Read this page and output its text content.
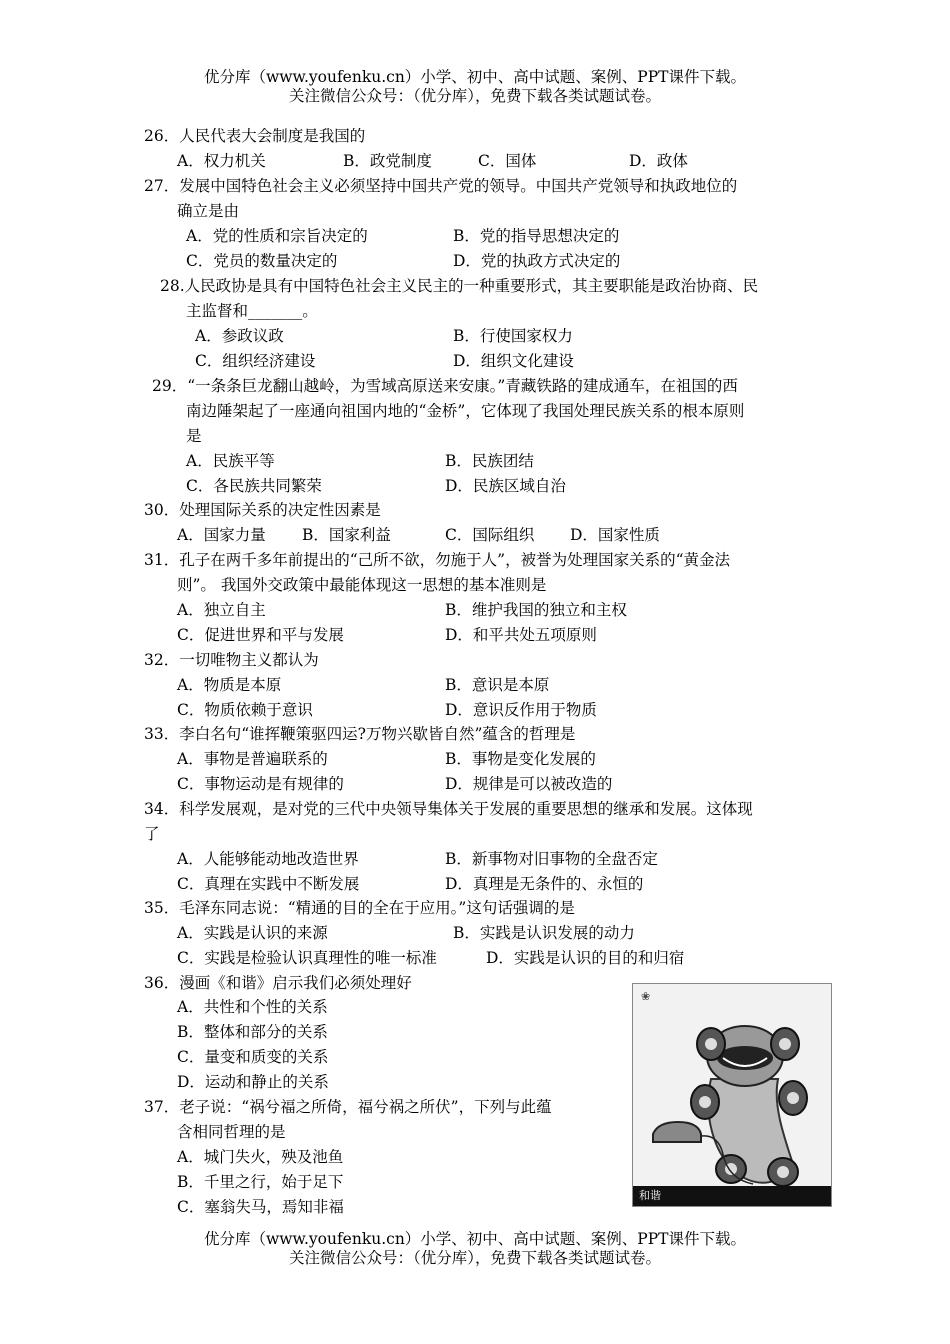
优分库（www.youfenku.cn）小学、初中、高中试题、案例、PPT课件下载。
关注微信公众号：（优分库），免费下载各类试题试卷。
26．人民代表大会制度是我国的
A．权力机关	B．政党制度	C．国体	D．政体
27．发展中国特色社会主义必须坚持中国共产党的领导。中国共产党领导和执政地位的
确立是由
A．党的性质和宗旨决定的	B．党的指导思想决定的
C．党员的数量决定的	D．党的执政方式决定的
28.人民政协是具有中国特色社会主义民主的一种重要形式，其主要职能是政治协商、民
主监督和_______。
A．参政议政	B．行使国家权力
C．组织经济建设	D．组织文化建设
29．“一条条巨龙翻山越岭，为雪域高原送来安康。”青藏铁路的建成通车，在祖国的西
南边陲架起了一座通向祖国内地的“金桥”，它体现了我国处理民族关系的根本原则
是
A．民族平等	B．民族团结
C．各民族共同繁荣	D．民族区域自治
30．处理国际关系的决定性因素是
A．国家力量 B．国家利益	C．国际组织 D．国家性质
31．孔子在两千多年前提出的“己所不欲，勿施于人”，被誉为处理国家关系的“黄金法
则”。 我国外交政策中最能体现这一思想的基本准则是
A．独立自主	B．维护我国的独立和主权
C．促进世界和平与发展	D．和平共处五项原则
32．一切唯物主义都认为
A．物质是本原	B．意识是本原
C．物质依赖于意识	D．意识反作用于物质
33．李白名句“谁挥鞭策驱四运?万物兴歇皆自然”蕴含的哲理是
A．事物是普遍联系的	B．事物是变化发展的
C．事物运动是有规律的	D．规律是可以被改造的
34．科学发展观，是对党的三代中央领导集体关于发展的重要思想的继承和发展。这体现
了
A．人能够能动地改造世界	B．新事物对旧事物的全盘否定
C．真理在实践中不断发展	D．真理是无条件的、永恒的
35．毛泽东同志说：“精通的目的全在于应用。”这句话强调的是
A．实践是认识的来源	B．实践是认识发展的动力
C．实践是检验认识真理性的唯一标准	D．实践是认识的目的和归宿
36．漫画《和谐》启示我们必须处理好
A．共性和个性的关系
B．整体和部分的关系
C．量变和质变的关系
D．运动和静止的关系
37．老子说：“祸兮福之所倚，福兮祸之所伏”，下列与此蕴
含相同哲理的是
A．城门失火，殃及池鱼
B．千里之行，始于足下
C．塞翁失马，焉知非福
❀
和谐
优分库（www.youfenku.cn）小学、初中、高中试题、案例、PPT课件下载。
关注微信公众号：（优分库），免费下载各类试题试卷。
